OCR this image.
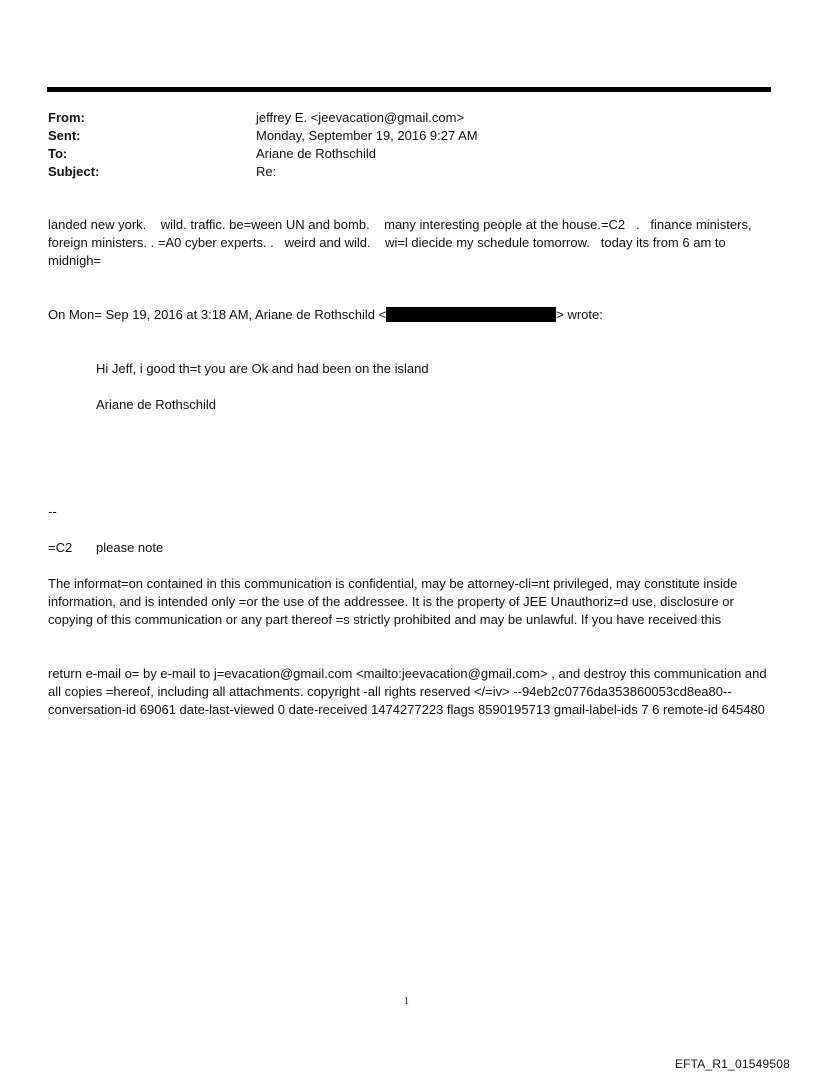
From:	jeffrey E. <jeevacation@gmail.com>
Sent:	Monday, September 19, 2016 9:27 AM
To:	Ariane de Rothschild
Subject:	Re:
landed new york.    wild. traffic. be=ween UN and bomb.    many interesting people at the house.=C2   .   finance ministers,  foreign ministers. . =A0 cyber experts. .   weird and wild.    wi=l diecide my schedule tomorrow.   today its from 6 am to midnigh=
On Mon= Sep 19, 2016 at 3:18 AM, Ariane de Rothschild <	> wrote:
Hi Jeff, i good th=t you are Ok and had been on the island
Ariane de Rothschild
--
=C2 please note
The informat=on contained in this communication is confidential, may be attorney-cli=nt privileged, may constitute inside information, and is intended only =or the use of the addressee. It is the property of JEE Unauthoriz=d use, disclosure or copying of this communication or any part thereof =s strictly prohibited and may be unlawful. If you have received this
return e-mail o= by e-mail to j=evacation@gmail.com <mailto:jeevacation@gmail.com> , and destroy this communication and all copies =hereof, including all attachments. copyright -all rights reserved </=iv> --94eb2c0776da353860053cd8ea80-- conversation-id 69061 date-last-viewed 0 date-received 1474277223 flags 8590195713 gmail-label-ids 7 6 remote-id 645480
1
EFTA_R1_01549508
